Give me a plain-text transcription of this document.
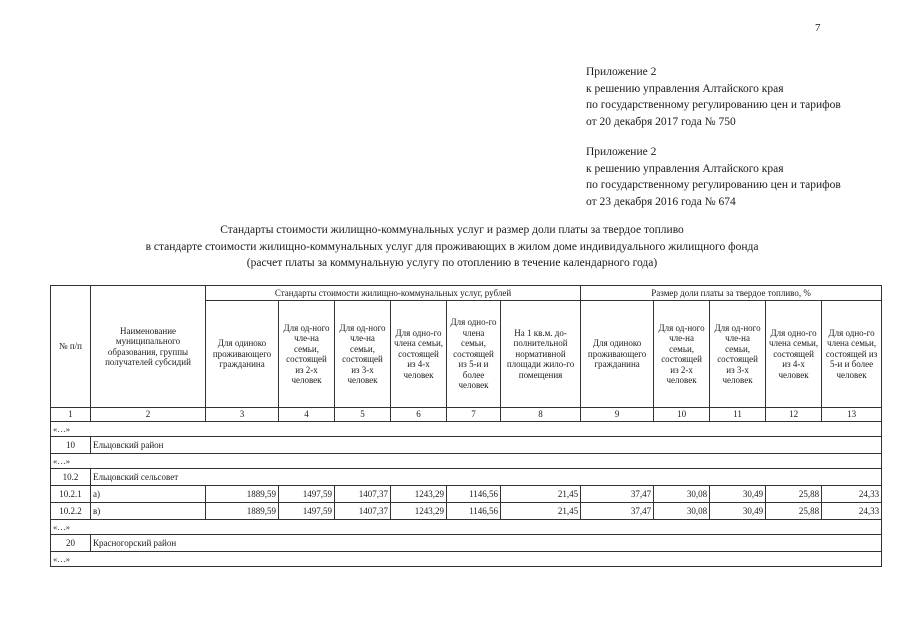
7
Приложение 2
к решению управления Алтайского края
по государственному регулированию цен и тарифов
от 20 декабря 2017 года № 750
Приложение 2
к решению управления Алтайского края
по государственному регулированию цен и тарифов
от 23 декабря 2016 года № 674
Стандарты стоимости жилищно-коммунальных услуг и размер доли платы за твердое топливо
в стандарте стоимости жилищно-коммунальных услуг для проживающих в жилом доме индивидуального жилищного фонда
(расчет платы за коммунальную услугу по отоплению в течение календарного года)
№ п/п	Наименование муниципального образования, группы получателей субсидий	Стандарты стоимости жилищно-коммунальных услуг, рублей						Размер доли платы за твердое топливо, %				
		Для одиноко проживающего гражданина	Для од-ного чле-на семьи, состоящей из 2-х человек	Для од-ного чле-на семьи, состоящей из 3-х человек	Для одно-го члена семьи, состоящей из 4-х человек	Для одно-го члена семьи, состоящей из 5-и и более человек	На 1 кв.м. до-полнительной нормативной площади жило-го помещения	Для одиноко проживающего гражданина	Для од-ного чле-на семьи, состоящей из 2-х человек	Для од-ного чле-на семьи, состоящей из 3-х человек	Для одно-го члена семьи, состоящей из 4-х человек	Для одно-го члена семьи, состоящей из 5-и и более человек
1	2	3	4	5	6	7	8	9	10	11	12	13
«…»												
10	Ельцовский район											
«…»												
10.2	Ельцовский сельсовет											
10.2.1	а)	1889,59	1497,59	1407,37	1243,29	1146,56	21,45	37,47	30,08	30,49	25,88	24,33
10.2.2	в)	1889,59	1497,59	1407,37	1243,29	1146,56	21,45	37,47	30,08	30,49	25,88	24,33
«…»												
20	Красногорский район											
«…»												
